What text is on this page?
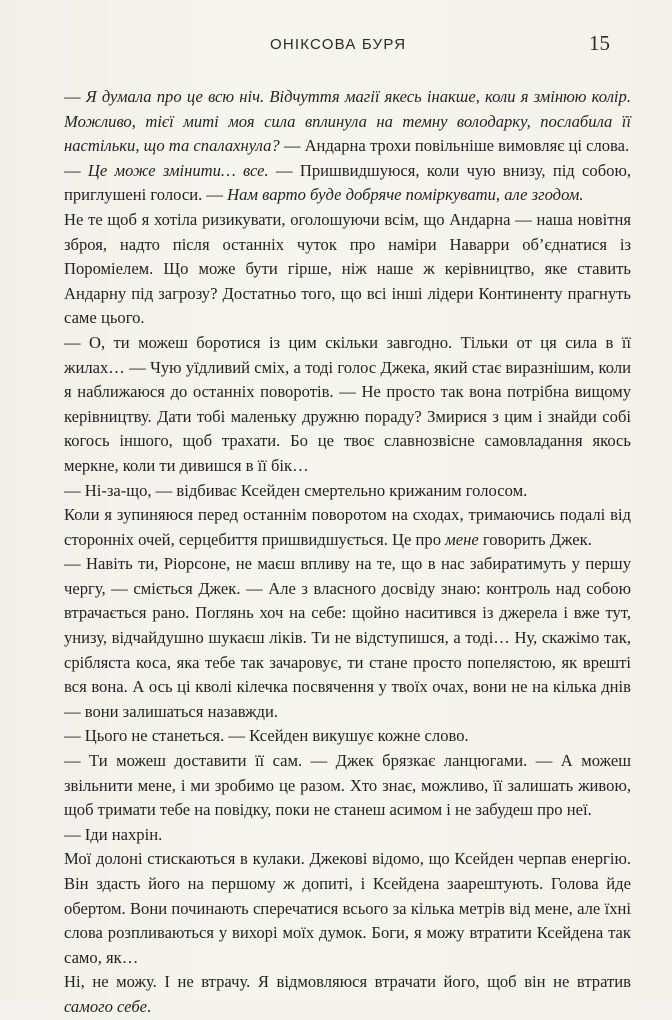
ОНІКСОВА БУРЯ	15

— Я думала про це всю ніч. Відчуття магії якесь інакше, коли я змінюю колір. Можливо, тієї миті моя сила вплинула на темну володарку, послабила її настільки, що та спалахнула? — Андарна трохи повільніше вимовляє ці слова.

— Це може змінити… все. — Пришвидшуюся, коли чую внизу, під собою, приглушені голоси. — Нам варто буде добряче поміркувати, але згодом.

Не те щоб я хотіла ризикувати, оголошуючи всім, що Андарна — наша новітня зброя, надто після останніх чуток про наміри Наварри об’єднатися із Пороміелем. Що може бути гірше, ніж наше ж керівництво, яке ставить Андарну під загрозу? Достатньо того, що всі інші лідери Континенту прагнуть саме цього.

— О, ти можеш боротися із цим скільки завгодно. Тільки от ця сила в її жилах… — Чую уїдливий сміх, а тоді голос Джека, який стає виразнішим, коли я наближаюся до останніх поворотів. — Не просто так вона потрібна вищому керівництву. Дати тобі маленьку дружню пораду? Змирися з цим і знайди собі когось іншого, щоб трахати. Бо це твоє славнозвісне самовладання якось меркне, коли ти дивишся в її бік…

— Ні-за-що, — відбиває Ксейден смертельно крижаним голосом.

Коли я зупиняюся перед останнім поворотом на сходах, тримаючись подалі від сторонніх очей, серцебиття пришвидшується. Це про мене говорить Джек.

— Навіть ти, Ріорсоне, не маєш впливу на те, що в нас забиратимуть у першу чергу, — сміється Джек. — Але з власного досвіду знаю: контроль над собою втрачається рано. Поглянь хоч на себе: щойно наситився із джерела і вже тут, унизу, відчайдушно шукаєш ліків. Ти не відступишся, а тоді… Ну, скажімо так, срібляста коса, яка тебе так зачаровує, ти стане просто попелястою, як врешті вся вона. А ось ці кволі кілечка посвячення у твоїх очах, вони не на кілька днів — вони залишаться назавжди.

— Цього не станеться. — Ксейден викушує кожне слово.

— Ти можеш доставити її сам. — Джек брязкає ланцюгами. — А можеш звільнити мене, і ми зробимо це разом. Хто знає, можливо, її залишать живою, щоб тримати тебе на повідку, поки не станеш асимом і не забудеш про неї.

— Іди нахрін.

Мої долоні стискаються в кулаки. Джекові відомо, що Ксейден черпав енергію. Він здасть його на першому ж допиті, і Ксейдена заарештують. Голова йде обертом. Вони починають сперечатися всього за кілька метрів від мене, але їхні слова розпливаються у вихорі моїх думок. Боги, я можу втратити Ксейдена так само, як…

Ні, не можу. І не втрачу. Я відмовляюся втрачати його, щоб він не втратив самого себе.
